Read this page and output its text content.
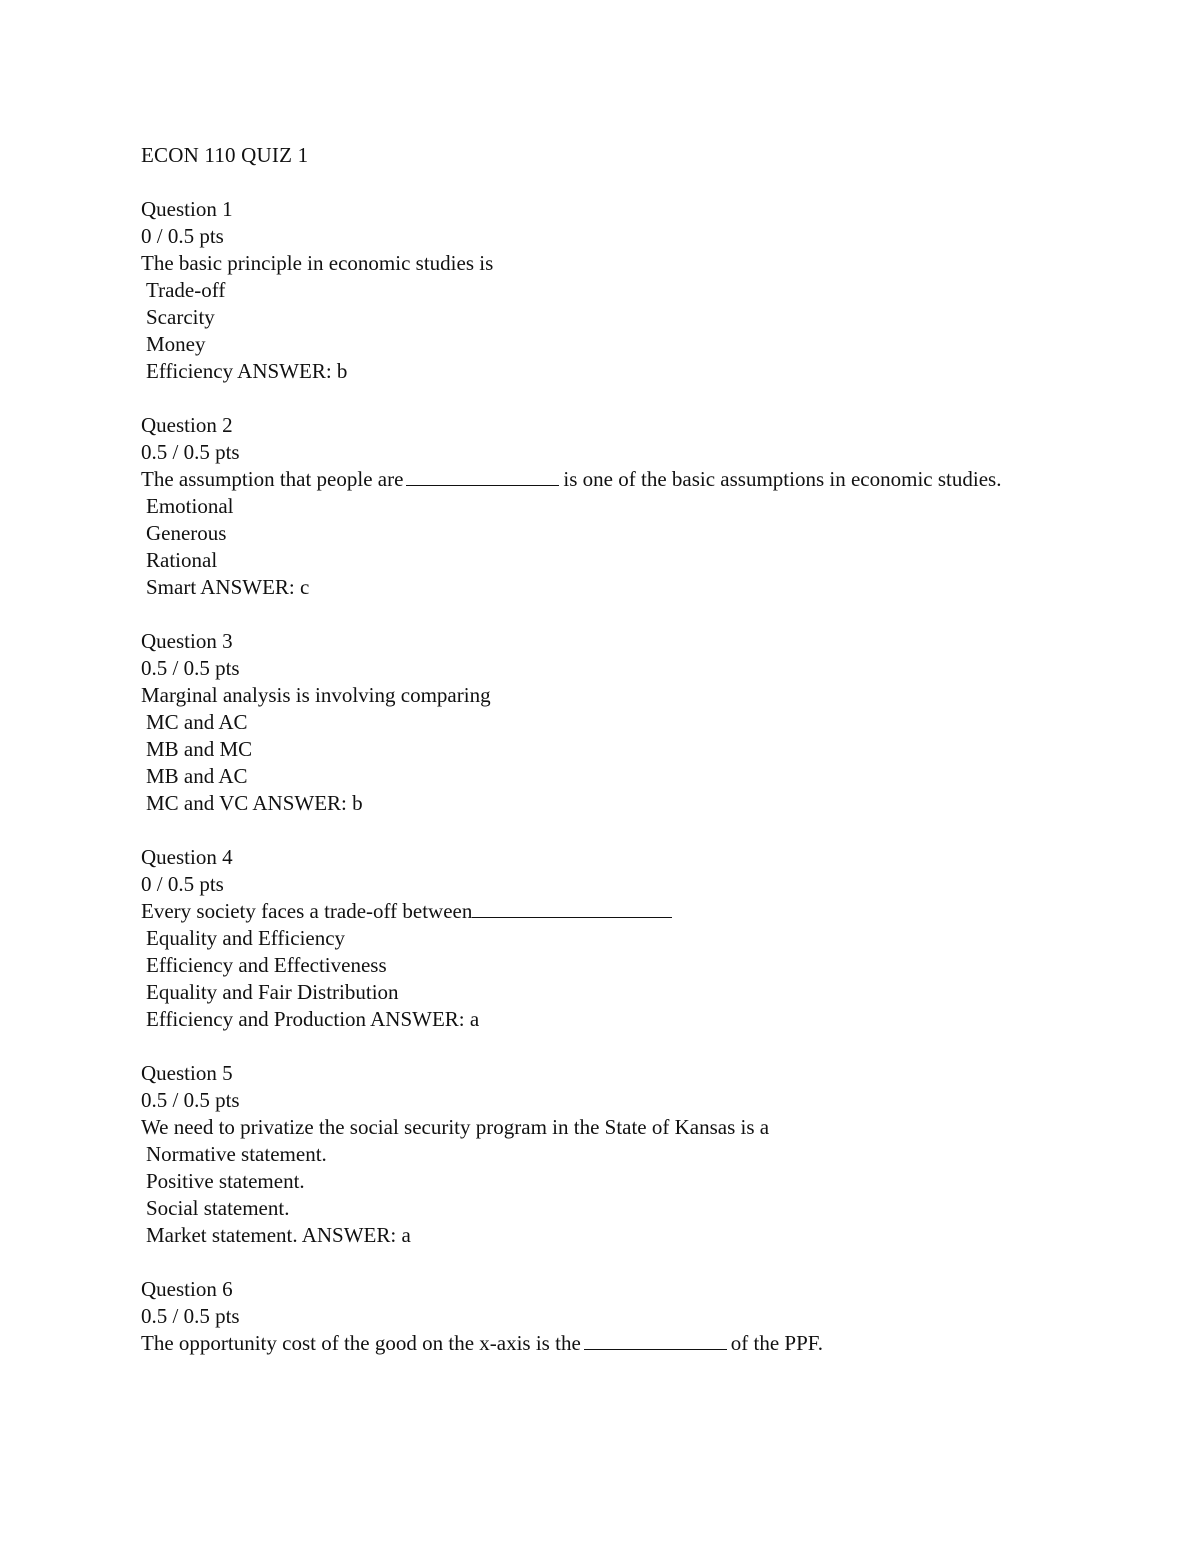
ECON 110 QUIZ 1
Question 1
0 / 0.5 pts
The basic principle in economic studies is
Trade-off
Scarcity
Money
Efficiency ANSWER: b
Question 2
0.5 / 0.5 pts
The assumption that people are	is one of the basic assumptions in economic studies.
Emotional
Generous
Rational
Smart ANSWER: c
Question 3
0.5 / 0.5 pts
Marginal analysis is involving comparing
MC and AC
MB and MC
MB and AC
MC and VC ANSWER: b
Question 4
0 / 0.5 pts
Every society faces a trade-off between
Equality and Efficiency
Efficiency and Effectiveness
Equality and Fair Distribution
Efficiency and Production ANSWER: a
Question 5
0.5 / 0.5 pts
We need to privatize the social security program in the State of Kansas is a
Normative statement.
Positive statement.
Social statement.
Market statement. ANSWER: a
Question 6
0.5 / 0.5 pts
The opportunity cost of the good on the x-axis is the	of the PPF.
